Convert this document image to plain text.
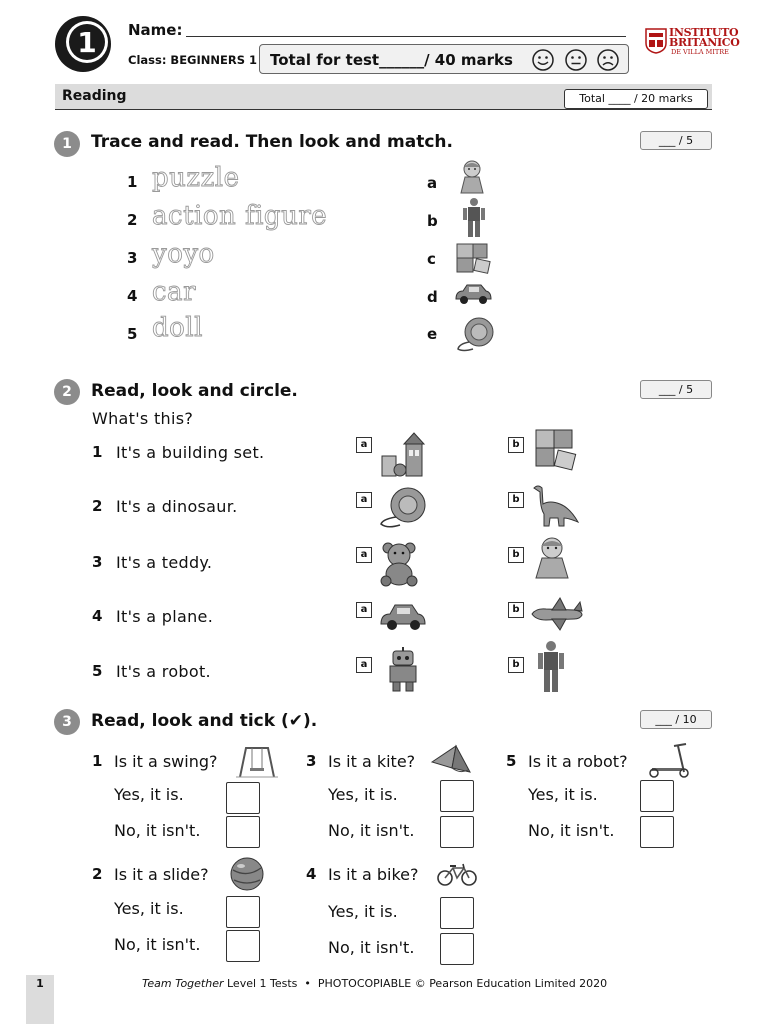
1 Name:
Class: BEGINNERS 1 Total for test______/ 40 marks
INSTITUTO
BRITANICO
DE VILLA MITRE
Reading	Total ____ / 20 marks
1	Trace and read. Then look and match.	___ / 5
1 puzzle
2 action figure
3 yoyo
4 car
5 doll
a
b
c
d
e
2	Read, look and circle.	___ / 5
What's this?
1 It's a building set.
2 It's a dinosaur.
3 It's a teddy.
4 It's a plane.
5 It's a robot.
a	b
a	b
a	b
a	b
a	b
3	Read, look and tick (✔).	___ / 10
1 Is it a swing?
Yes, it is.
No, it isn't.
3 Is it a kite?
Yes, it is.
No, it isn't.
5 Is it a robot?
Yes, it is.
No, it isn't.
2 Is it a slide?
Yes, it is.
No, it isn't.
4 Is it a bike?
Yes, it is.
No, it isn't.
1	Team Together Level 1 Tests  •  PHOTOCOPIABLE © Pearson Education Limited 2020
